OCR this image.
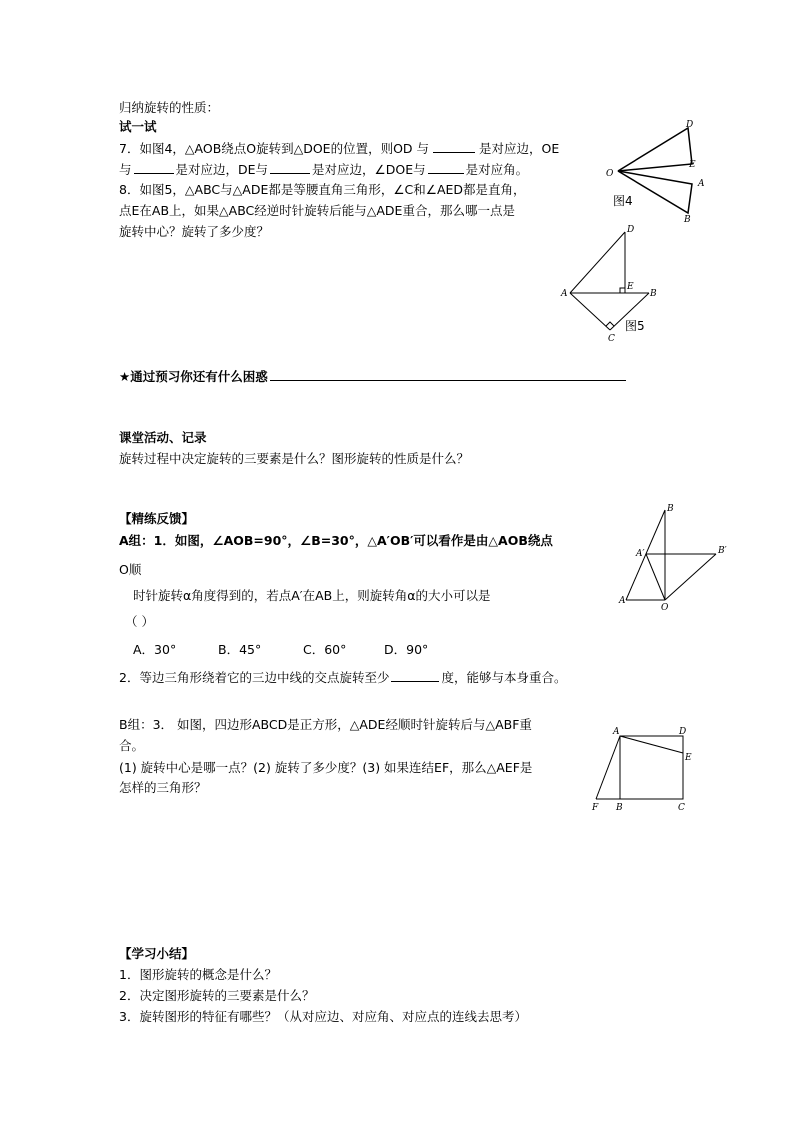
归纳旋转的性质：
试一试
7．如图4，△AOB绕点O旋转到△DOE的位置，则OD 与	是对应边，OE
与	是对应边，DE与	是对应边，∠DOE与	是对应角。
8．如图5，△ABC与△ADE都是等腰直角三角形，∠C和∠AED都是直角，
点E在AB上，如果△ABC经逆时针旋转后能与△ADE重合，那么哪一点是
旋转中心？旋转了多少度？
D
E
O
A
B
图4
D
A
E
B
C
图5
★通过预习你还有什么困惑
课堂活动、记录
旋转过程中决定旋转的三要素是什么？图形旋转的性质是什么？
【精练反馈】
A组：1．如图，∠AOB=90°，∠B=30°，△A′OB′可以看作是由△AOB绕点
O顺
时针旋转α角度得到的，若点A′在AB上，则旋转角α的大小可以是
（ ）
A．30°	B．45°	C．60°	D．90°
2．等边三角形绕着它的三边中线的交点旋转至少	度，能够与本身重合。
B组：3． 如图，四边形ABCD是正方形，△ADE经顺时针旋转后与△ABF重
合。
(1) 旋转中心是哪一点？(2) 旋转了多少度？(3) 如果连结EF，那么△AEF是
怎样的三角形？
B
A′	B′
A
O
A	D
E
F B	C
【学习小结】
1．图形旋转的概念是什么？
2．决定图形旋转的三要素是什么？
3．旋转图形的特征有哪些？（从对应边、对应角、对应点的连线去思考）
